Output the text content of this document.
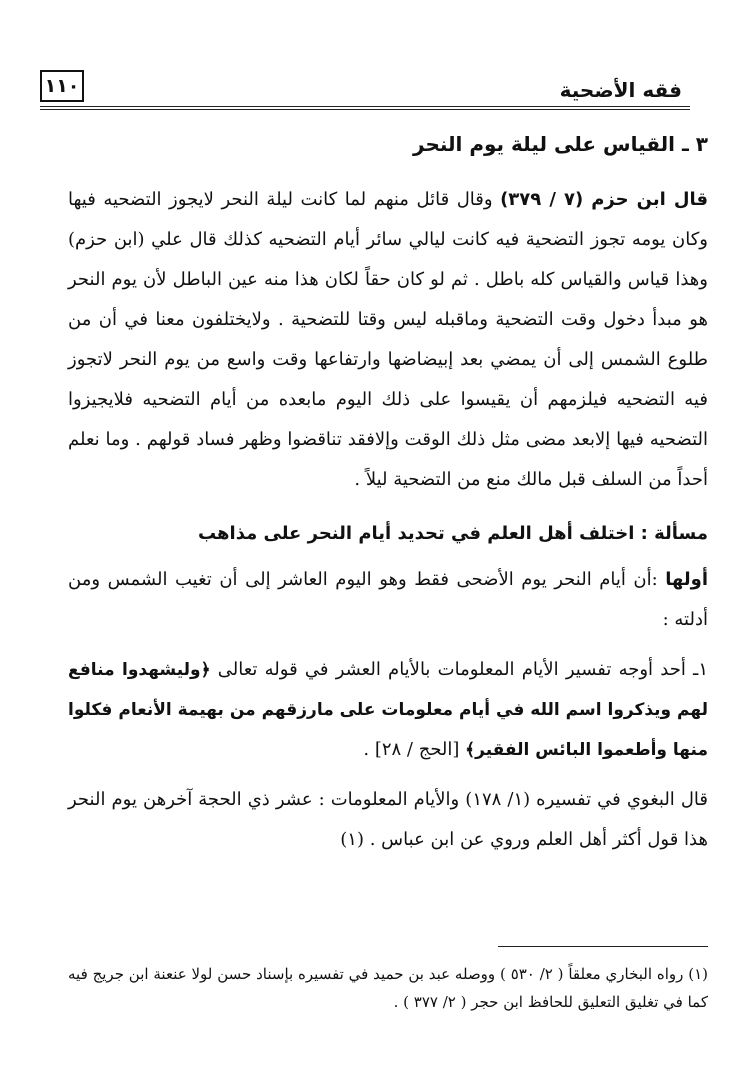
فقه الأضحية
١١٠
٣ ـ القياس على ليلة يوم النحر

قال ابن حزم (٧ / ٣٧٩) وقال قائل منهم لما كانت ليلة النحر لايجوز التضحيه فيها وكان يومه تجوز التضحية فيه كانت ليالي سائر أيام التضحيه كذلك قال علي (ابن حزم) وهذا قياس والقياس كله باطل . ثم لو كان حقاً لكان هذا منه عين الباطل لأن يوم النحر هو مبدأ دخول وقت التضحية وماقبله ليس وقتا للتضحية . ولايختلفون معنا في أن من طلوع الشمس إلى أن يمضي بعد إبيضاضها وارتفاعها وقت واسع من يوم النحر لاتجوز فيه التضحيه فيلزمهم أن يقيسوا على ذلك اليوم مابعده من أيام التضحيه فلايجيزوا التضحيه فيها إلابعد مضى مثل ذلك الوقت وإلافقد تناقضوا وظهر فساد قولهم . وما نعلم أحداً من السلف قبل مالك منع من التضحية ليلاً .

مسألة : اختلف أهل العلم في تحديد أيام النحر على مذاهب

أولها :أن أيام النحر يوم الأضحى فقط وهو اليوم العاشر إلى أن تغيب الشمس ومن أدلته :

١ـ أحد أوجه تفسير الأيام المعلومات بالأيام العشر في قوله تعالى ﴿وليشهدوا منافع لهم ويذكروا اسم الله في أيام معلومات على مارزقهم من بهيمة الأنعام فكلوا منها وأطعموا البائس الفقير﴾ [الحج / ٢٨] .

قال البغوي في تفسيره (١/ ١٧٨) والأيام المعلومات : عشر ذي الحجة آخرهن يوم النحر هذا قول أكثر أهل العلم وروي عن ابن عباس . (١)

(١) رواه البخاري معلقاً ( ٢/ ٥٣٠ ) ووصله عبد بن حميد في تفسيره بإسناد حسن لولا عنعنة ابن جريج فيه كما في تغليق التعليق للحافظ ابن حجر ( ٢/ ٣٧٧ ) .
